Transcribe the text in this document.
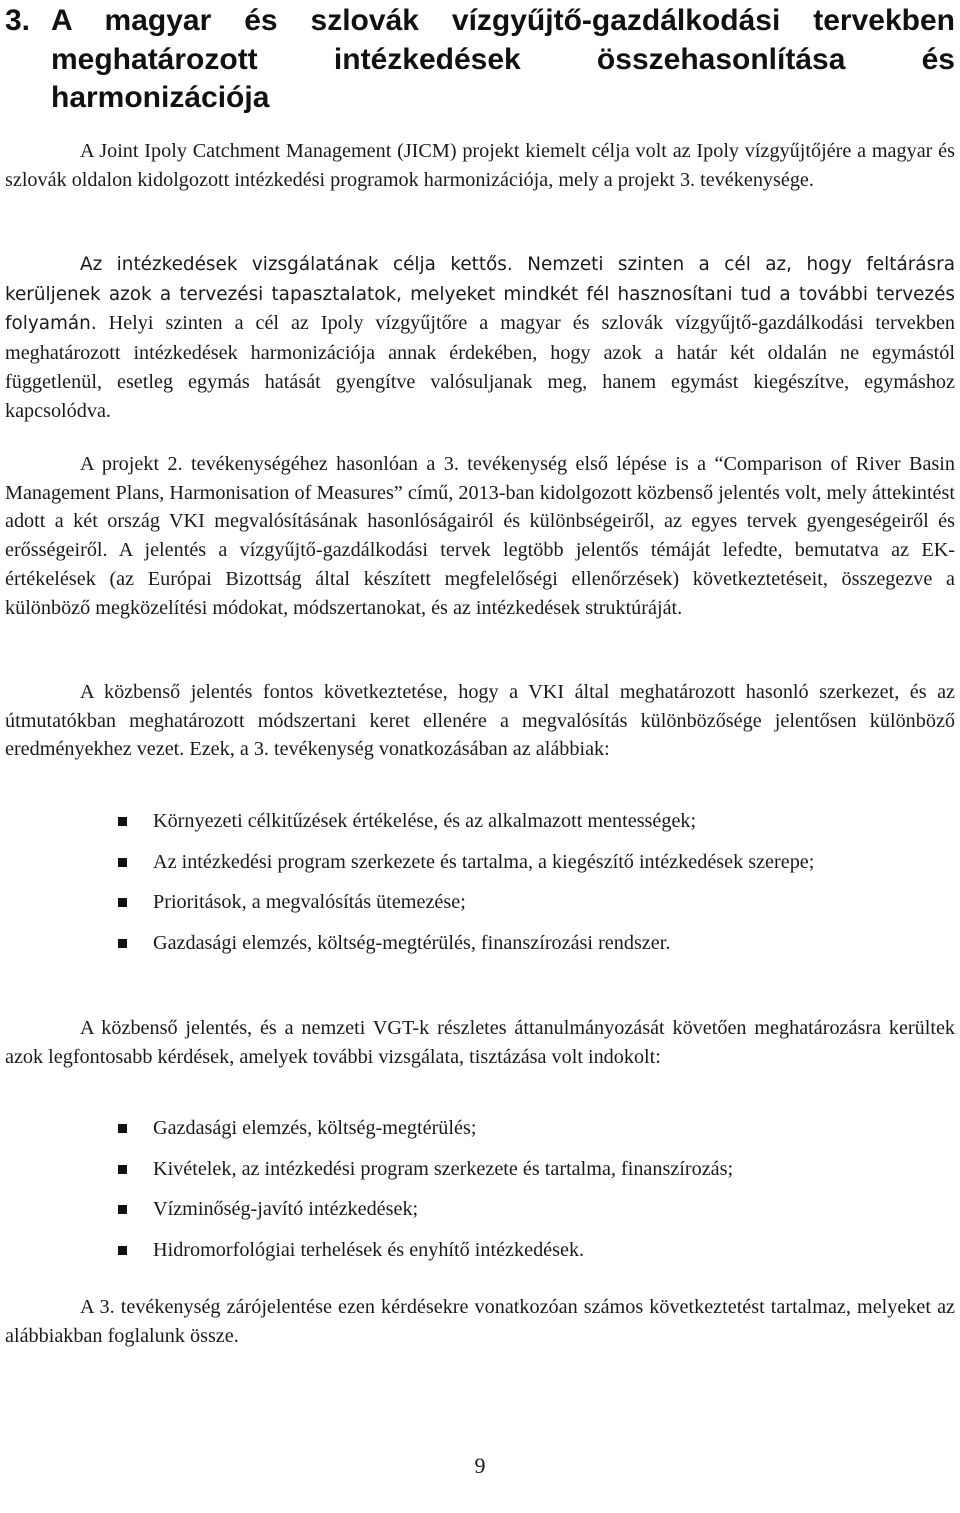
3. A magyar és szlovák vízgyűjtő-gazdálkodási tervekben meghatározott intézkedések összehasonlítása és harmonizációja

A Joint Ipoly Catchment Management (JICM) projekt kiemelt célja volt az Ipoly vízgyűjtőjére a magyar és szlovák oldalon kidolgozott intézkedési programok harmonizációja, mely a projekt 3. tevékenysége.

Az intézkedések vizsgálatának célja kettős. Nemzeti szinten a cél az, hogy feltárásra kerüljenek azok a tervezési tapasztalatok, melyeket mindkét fél hasznosítani tud a további tervezés folyamán. Helyi szinten a cél az Ipoly vízgyűjtőre a magyar és szlovák vízgyűjtő-gazdálkodási tervekben meghatározott intézkedések harmonizációja annak érdekében, hogy azok a határ két oldalán ne egymástól függetlenül, esetleg egymás hatását gyengítve valósuljanak meg, hanem egymást kiegészítve, egymáshoz kapcsolódva.

A projekt 2. tevékenységéhez hasonlóan a 3. tevékenység első lépése is a “Comparison of River Basin Management Plans, Harmonisation of Measures” című, 2013-ban kidolgozott közbenső jelentés volt, mely áttekintést adott a két ország VKI megvalósításának hasonlóságairól és különbségeiről, az egyes tervek gyengeségeiről és erősségeiről. A jelentés a vízgyűjtő-gazdálkodási tervek legtöbb jelentős témáját lefedte, bemutatva az EK-értékelések (az Európai Bizottság által készített megfelelőségi ellenőrzések) következtetéseit, összegezve a különböző megközelítési módokat, módszertanokat, és az intézkedések struktúráját.

A közbenső jelentés fontos következtetése, hogy a VKI által meghatározott hasonló szerkezet, és az útmutatókban meghatározott módszertani keret ellenére a megvalósítás különbözősége jelentősen különböző eredményekhez vezet. Ezek, a 3. tevékenység vonatkozásában az alábbiak:

Környezeti célkitűzések értékelése, és az alkalmazott mentességek;
Az intézkedési program szerkezete és tartalma, a kiegészítő intézkedések szerepe;
Prioritások, a megvalósítás ütemezése;
Gazdasági elemzés, költség-megtérülés, finanszírozási rendszer.

A közbenső jelentés, és a nemzeti VGT-k részletes áttanulmányozását követően meghatározásra kerültek azok legfontosabb kérdések, amelyek további vizsgálata, tisztázása volt indokolt:

Gazdasági elemzés, költség-megtérülés;
Kivételek, az intézkedési program szerkezete és tartalma, finanszírozás;
Vízminőség-javító intézkedések;
Hidromorfológiai terhelések és enyhítő intézkedések.

A 3. tevékenység zárójelentése ezen kérdésekre vonatkozóan számos következtetést tartalmaz, melyeket az alábbiakban foglalunk össze.

9
